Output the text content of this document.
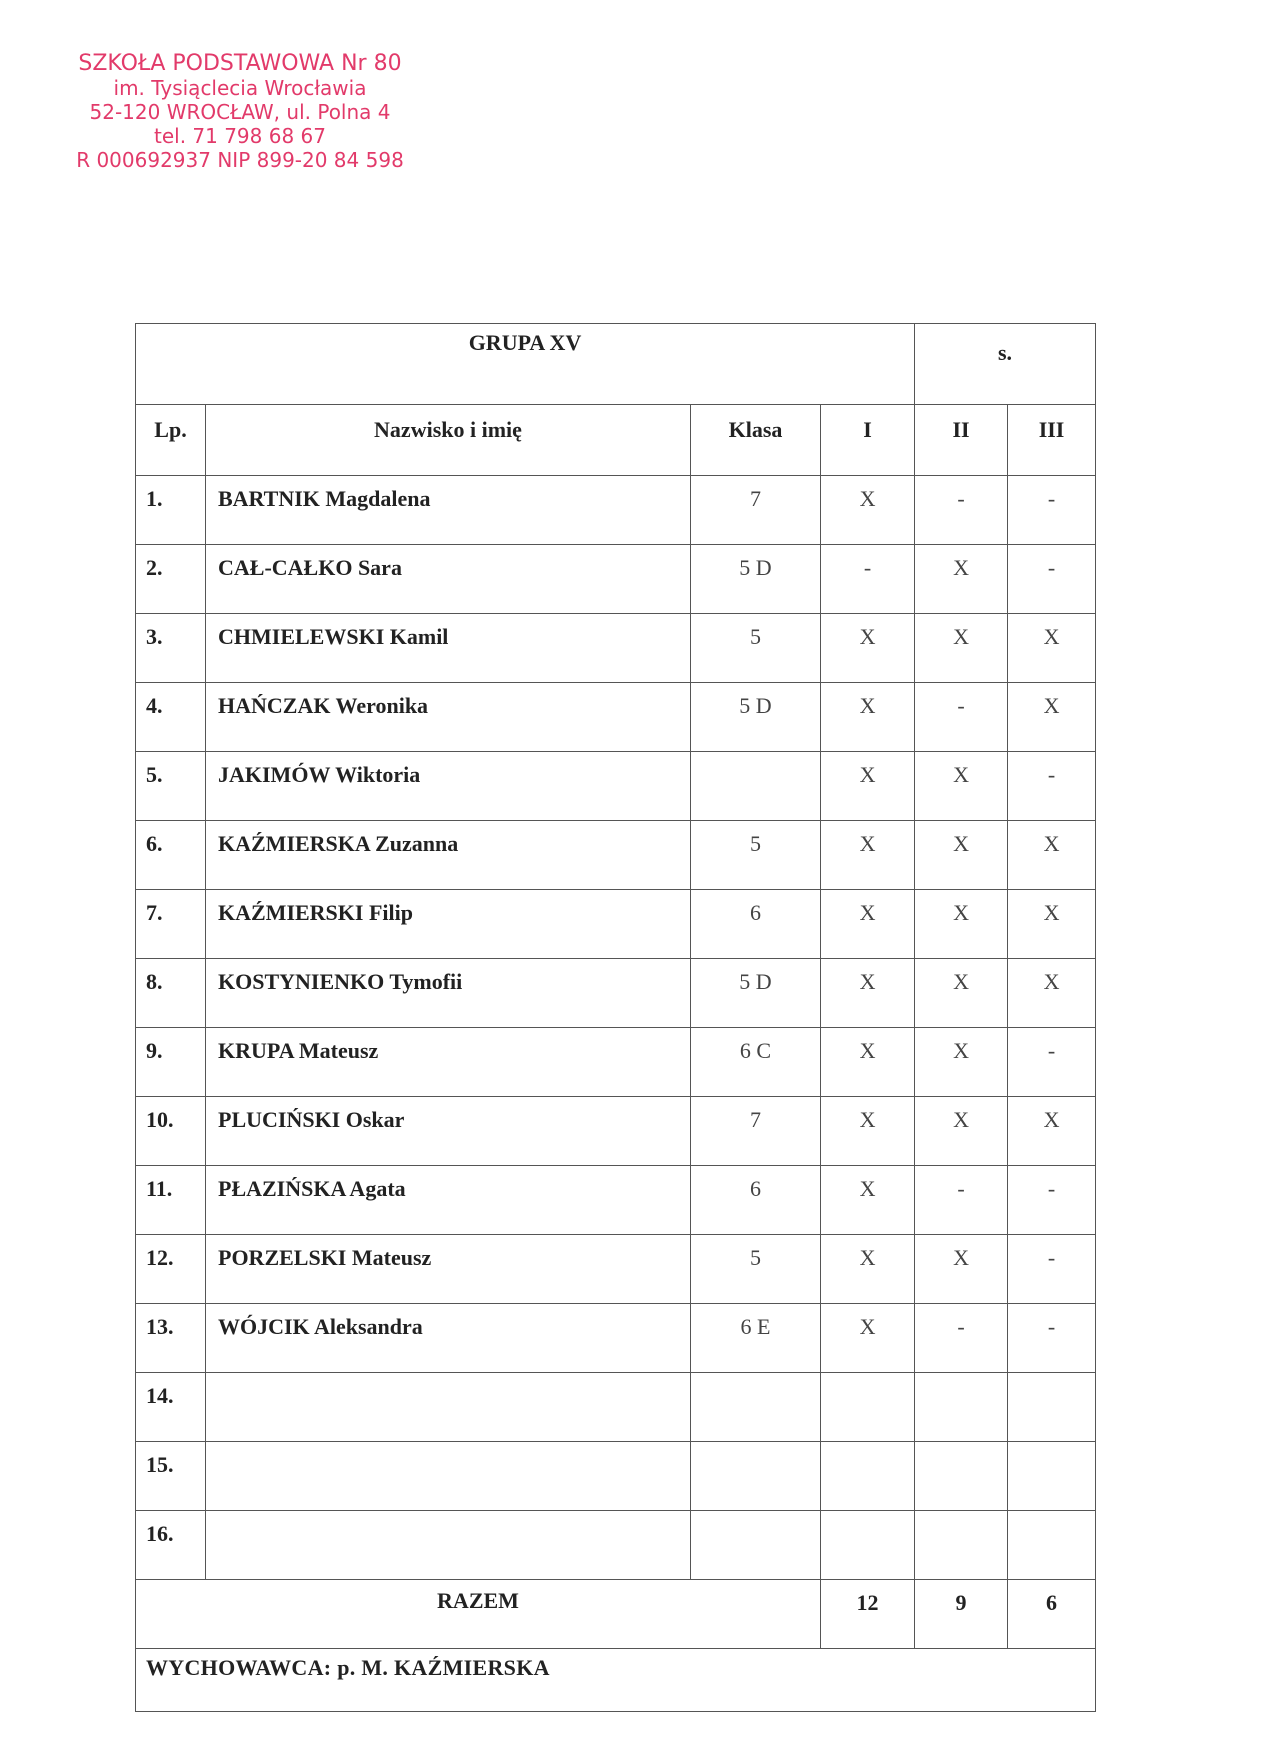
SZKOŁA PODSTAWOWA Nr 80
im. Tysiąclecia Wrocławia
52-120 WROCŁAW, ul. Polna 4
tel. 71 798 68 67
R 000692937 NIP 899-20 84 598
GRUPA XV				s.	
Lp.	Nazwisko i imię	Klasa	I	II	III
1.	BARTNIK Magdalena	7	X	-	-
2.	CAŁ-CAŁKO Sara	5 D	-	X	-
3.	CHMIELEWSKI Kamil	5	X	X	X
4.	HAŃCZAK Weronika	5 D	X	-	X
5.	JAKIMÓW Wiktoria		X	X	-
6.	KAŹMIERSKA Zuzanna	5	X	X	X
7.	KAŹMIERSKI Filip	6	X	X	X
8.	KOSTYNIENKO Tymofii	5 D	X	X	X
9.	KRUPA Mateusz	6 C	X	X	-
10.	PLUCIŃSKI Oskar	7	X	X	X
11.	PŁAZIŃSKA Agata	6	X	-	-
12.	PORZELSKI Mateusz	5	X	X	-
13.	WÓJCIK Aleksandra	6 E	X	-	-
14.					
15.					
16.					
RAZEM			12	9	6
WYCHOWAWCA: p. M. KAŹMIERSKA					
